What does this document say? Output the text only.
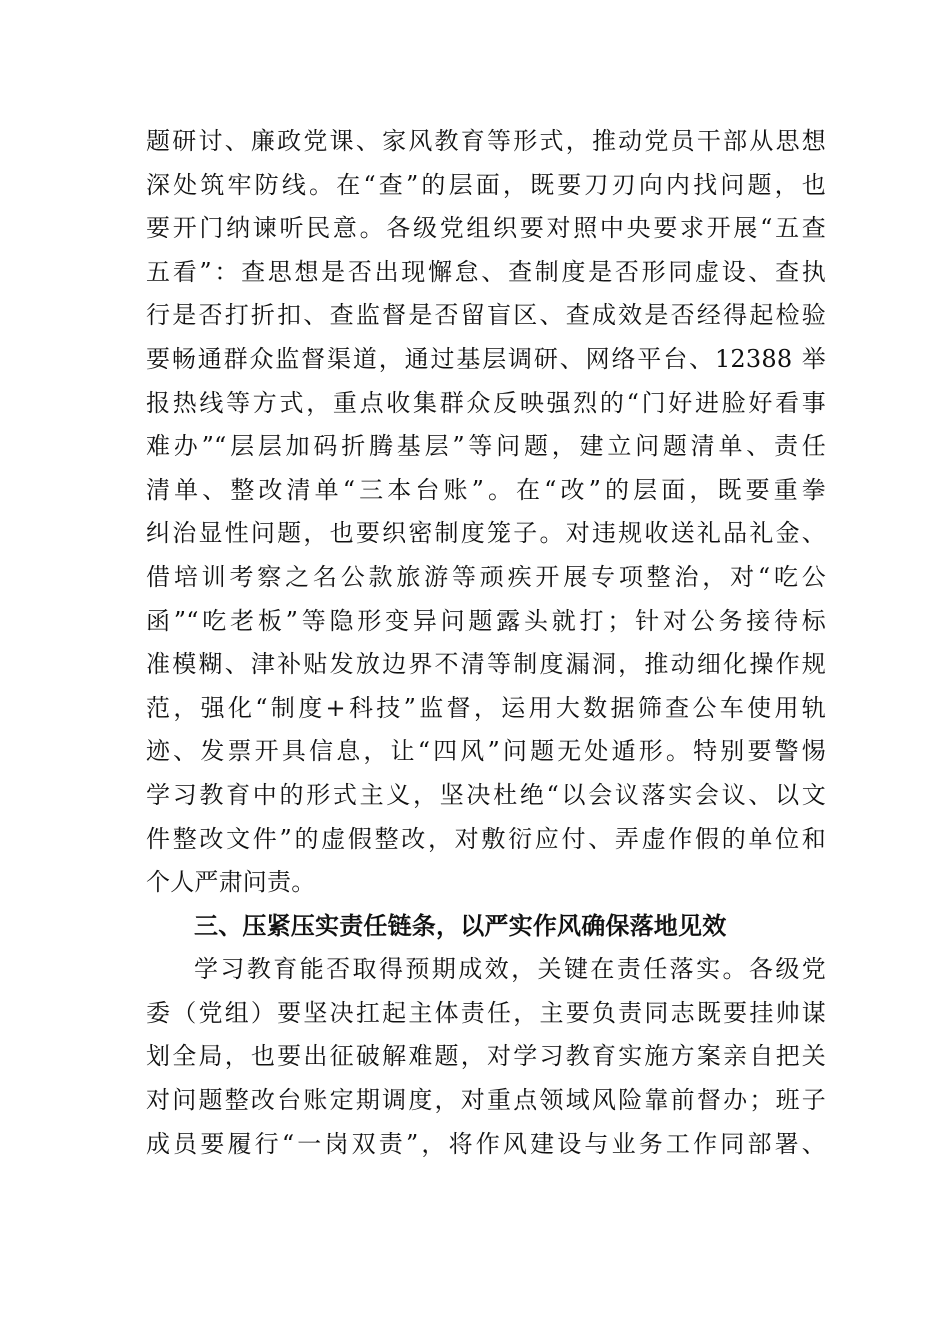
题研讨、廉政党课、家风教育等形式，推动党员干部从思想
深处筑牢防线。在“查”的层面，既要刀刃向内找问题，也
要开门纳谏听民意。各级党组织要对照中央要求开展“五查
五看”：查思想是否出现懈怠、查制度是否形同虚设、查执
行是否打折扣、查监督是否留盲区、查成效是否经得起检验
要畅通群众监督渠道，通过基层调研、网络平台、12388 举
报热线等方式，重点收集群众反映强烈的“门好进脸好看事
难办”“层层加码折腾基层”等问题，建立问题清单、责任
清单、整改清单“三本台账”。在“改”的层面，既要重拳
纠治显性问题，也要织密制度笼子。对违规收送礼品礼金、
借培训考察之名公款旅游等顽疾开展专项整治，对“吃公
函”“吃老板”等隐形变异问题露头就打；针对公务接待标
准模糊、津补贴发放边界不清等制度漏洞，推动细化操作规
范，强化“制度+科技”监督，运用大数据筛查公车使用轨
迹、发票开具信息，让“四风”问题无处遁形。特别要警惕
学习教育中的形式主义，坚决杜绝“以会议落实会议、以文
件整改文件”的虚假整改，对敷衍应付、弄虚作假的单位和
个人严肃问责。
三、压紧压实责任链条，以严实作风确保落地见效
学习教育能否取得预期成效，关键在责任落实。各级党
委（党组）要坚决扛起主体责任，主要负责同志既要挂帅谋
划全局，也要出征破解难题，对学习教育实施方案亲自把关
对问题整改台账定期调度，对重点领域风险靠前督办；班子
成员要履行“一岗双责”，将作风建设与业务工作同部署、
